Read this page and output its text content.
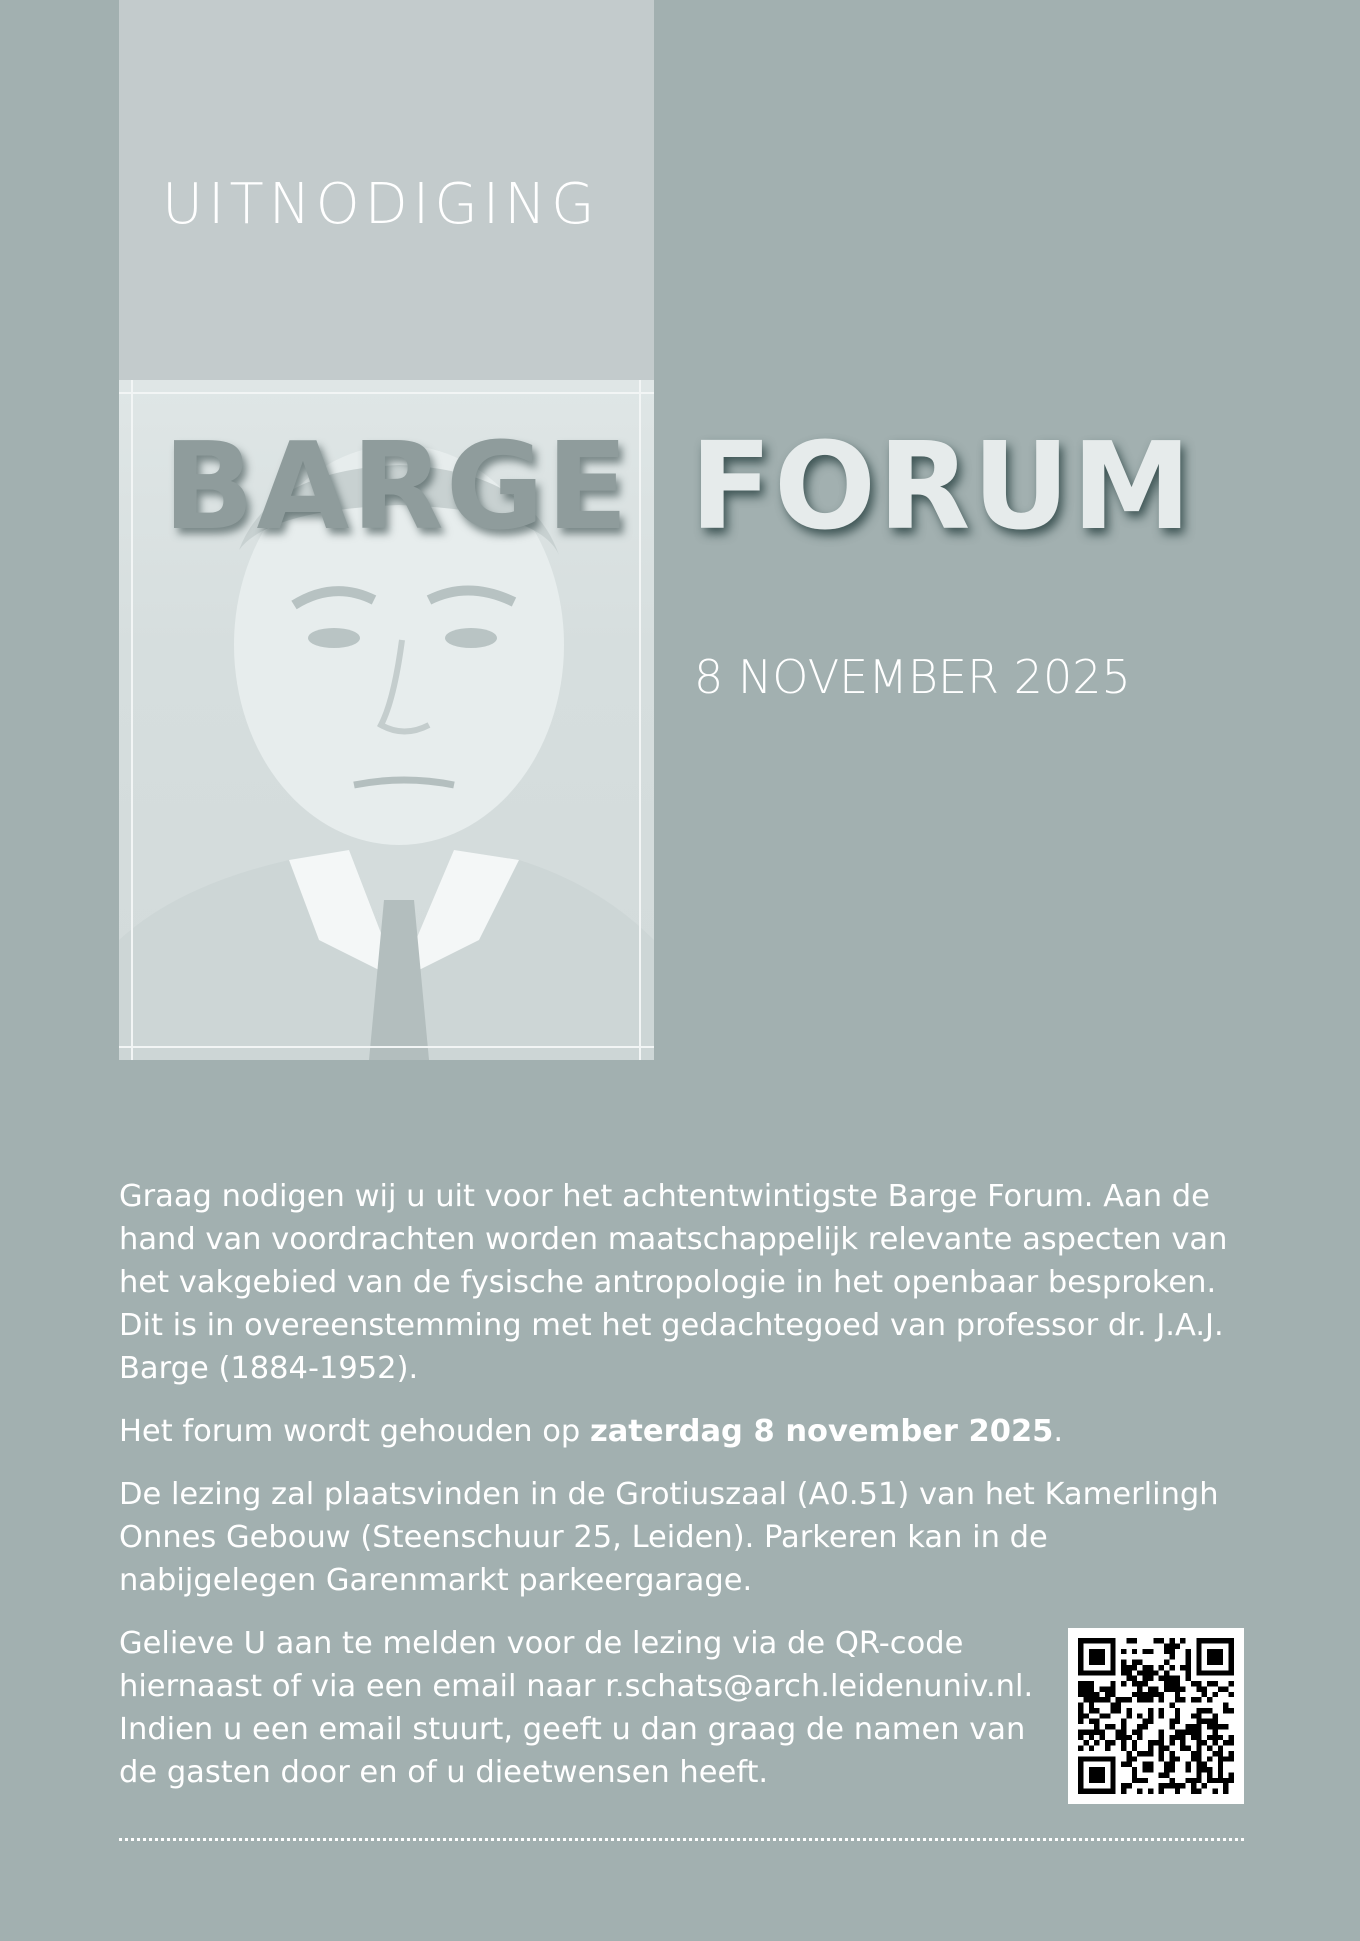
UITNODIGING
BARGE FORUM

8 NOVEMBER 2025

Graag nodigen wij u uit voor het achtentwintigste Barge Forum. Aan de hand van voordrachten worden maatschappelijk relevante aspecten van het vakgebied van de fysische antropologie in het openbaar besproken. Dit is in overeenstemming met het gedachtegoed van professor dr. J.A.J. Barge (1884-1952).

Het forum wordt gehouden op zaterdag 8 november 2025.

De lezing zal plaatsvinden in de Grotiuszaal (A0.51) van het Kamerlingh Onnes Gebouw (Steenschuur 25, Leiden). Parkeren kan in de nabijgelegen Garenmarkt parkeergarage.

Gelieve U aan te melden voor de lezing via de QR-code hiernaast of via een email naar r.schats@arch.leidenuniv.nl. Indien u een email stuurt, geeft u dan graag de namen van de gasten door en of u dieetwensen heeft.
